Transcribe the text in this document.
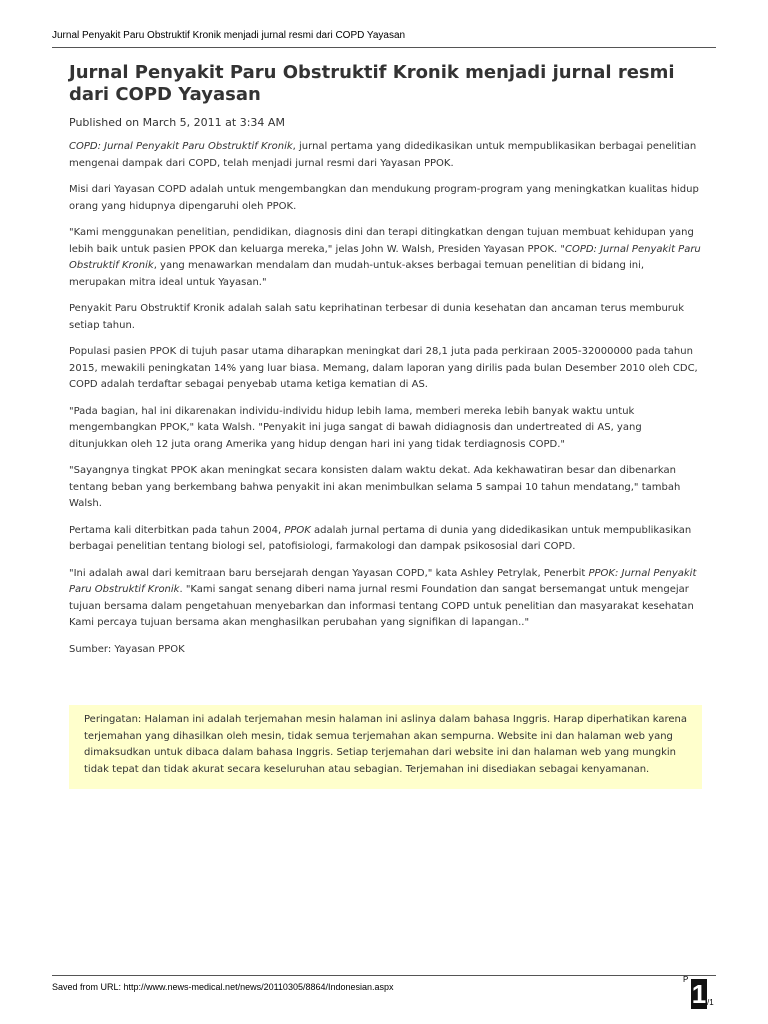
Jurnal Penyakit Paru Obstruktif Kronik menjadi jurnal resmi dari COPD Yayasan
Jurnal Penyakit Paru Obstruktif Kronik menjadi jurnal resmi dari COPD Yayasan

Published on March 5, 2011 at 3:34 AM

COPD: Jurnal Penyakit Paru Obstruktif Kronik, jurnal pertama yang didedikasikan untuk mempublikasikan berbagai penelitian mengenai dampak dari COPD, telah menjadi jurnal resmi dari Yayasan PPOK.

Misi dari Yayasan COPD adalah untuk mengembangkan dan mendukung program-program yang meningkatkan kualitas hidup orang yang hidupnya dipengaruhi oleh PPOK.

"Kami menggunakan penelitian, pendidikan, diagnosis dini dan terapi ditingkatkan dengan tujuan membuat kehidupan yang lebih baik untuk pasien PPOK dan keluarga mereka," jelas John W. Walsh, Presiden Yayasan PPOK. "COPD: Jurnal Penyakit Paru Obstruktif Kronik, yang menawarkan mendalam dan mudah-untuk-akses berbagai temuan penelitian di bidang ini, merupakan mitra ideal untuk Yayasan."

Penyakit Paru Obstruktif Kronik adalah salah satu keprihatinan terbesar di dunia kesehatan dan ancaman terus memburuk setiap tahun.

Populasi pasien PPOK di tujuh pasar utama diharapkan meningkat dari 28,1 juta pada perkiraan 2005-32000000 pada tahun 2015, mewakili peningkatan 14% yang luar biasa. Memang, dalam laporan yang dirilis pada bulan Desember 2010 oleh CDC, COPD adalah terdaftar sebagai penyebab utama ketiga kematian di AS.

"Pada bagian, hal ini dikarenakan individu-individu hidup lebih lama, memberi mereka lebih banyak waktu untuk mengembangkan PPOK," kata Walsh. "Penyakit ini juga sangat di bawah didiagnosis dan undertreated di AS, yang ditunjukkan oleh 12 juta orang Amerika yang hidup dengan hari ini yang tidak terdiagnosis COPD."

"Sayangnya tingkat PPOK akan meningkat secara konsisten dalam waktu dekat. Ada kekhawatiran besar dan dibenarkan tentang beban yang berkembang bahwa penyakit ini akan menimbulkan selama 5 sampai 10 tahun mendatang," tambah Walsh.

Pertama kali diterbitkan pada tahun 2004, PPOK adalah jurnal pertama di dunia yang didedikasikan untuk mempublikasikan berbagai penelitian tentang biologi sel, patofisiologi, farmakologi dan dampak psikososial dari COPD.

"Ini adalah awal dari kemitraan baru bersejarah dengan Yayasan COPD," kata Ashley Petrylak, Penerbit PPOK: Jurnal Penyakit Paru Obstruktif Kronik. "Kami sangat senang diberi nama jurnal resmi Foundation dan sangat bersemangat untuk mengejar tujuan bersama dalam pengetahuan menyebarkan dan informasi tentang COPD untuk penelitian dan masyarakat kesehatan Kami percaya tujuan bersama akan menghasilkan perubahan yang signifikan di lapangan.."

Sumber: Yayasan PPOK

Peringatan: Halaman ini adalah terjemahan mesin halaman ini aslinya dalam bahasa Inggris. Harap diperhatikan karena terjemahan yang dihasilkan oleh mesin, tidak semua terjemahan akan sempurna. Website ini dan halaman web yang dimaksudkan untuk dibaca dalam bahasa Inggris. Setiap terjemahan dari website ini dan halaman web yang mungkin tidak tepat dan tidak akurat secara keseluruhan atau sebagian. Terjemahan ini disediakan sebagai kenyamanan.
Saved from URL: http://www.news-medical.net/news/20110305/8864/Indonesian.aspx
P 1 /1
